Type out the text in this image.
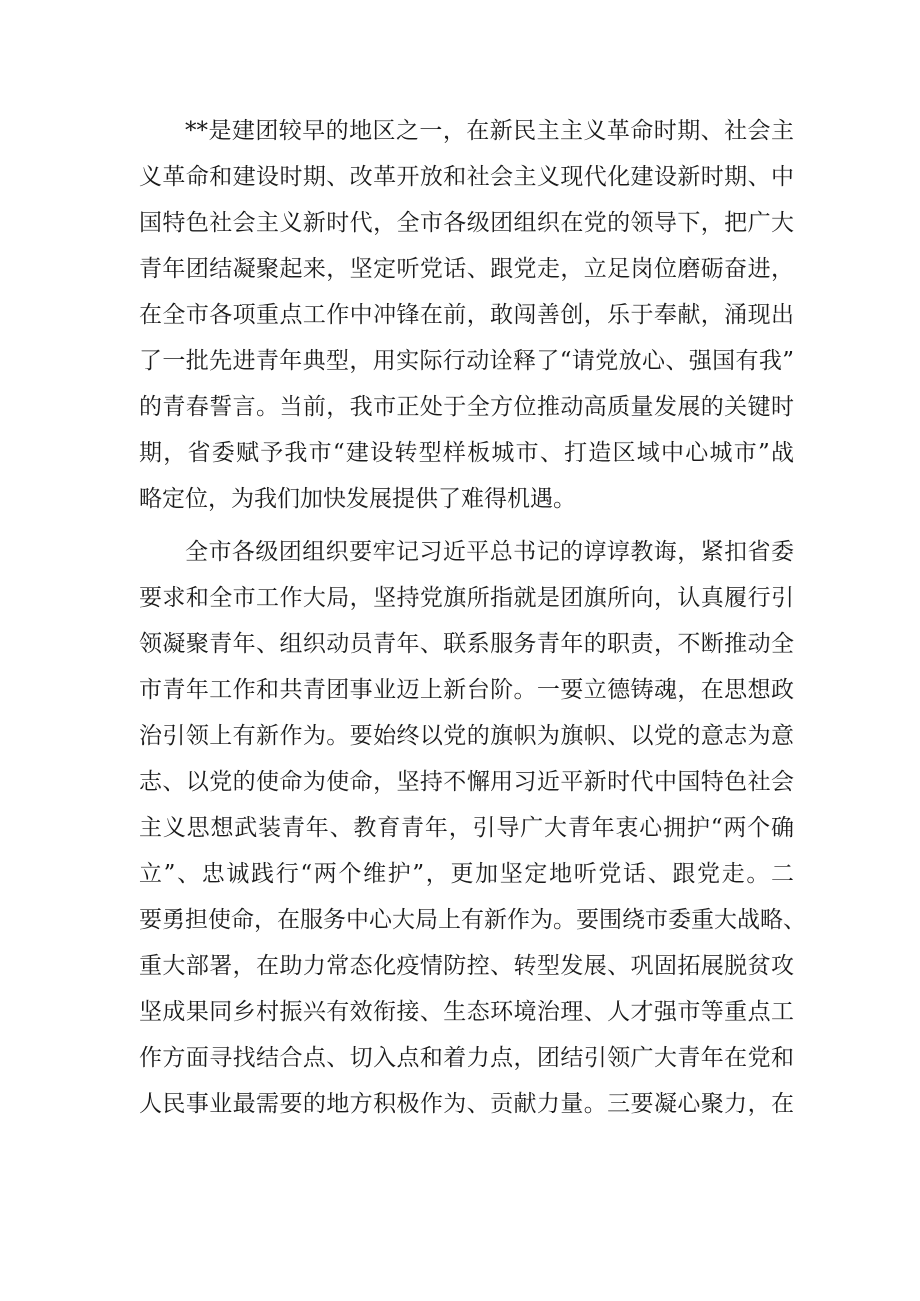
**是建团较早的地区之一，在新民主主义革命时期、社会主
义革命和建设时期、改革开放和社会主义现代化建设新时期、中
国特色社会主义新时代，全市各级团组织在党的领导下，把广大
青年团结凝聚起来，坚定听党话、跟党走，立足岗位磨砺奋进，
在全市各项重点工作中冲锋在前，敢闯善创，乐于奉献，涌现出
了一批先进青年典型，用实际行动诠释了“请党放心、强国有我”
的青春誓言。当前，我市正处于全方位推动高质量发展的关键时
期，省委赋予我市“建设转型样板城市、打造区域中心城市”战
略定位，为我们加快发展提供了难得机遇。
全市各级团组织要牢记习近平总书记的谆谆教诲，紧扣省委
要求和全市工作大局，坚持党旗所指就是团旗所向，认真履行引
领凝聚青年、组织动员青年、联系服务青年的职责，不断推动全
市青年工作和共青团事业迈上新台阶。一要立德铸魂，在思想政
治引领上有新作为。要始终以党的旗帜为旗帜、以党的意志为意
志、以党的使命为使命，坚持不懈用习近平新时代中国特色社会
主义思想武装青年、教育青年，引导广大青年衷心拥护“两个确
立”、忠诚践行“两个维护”，更加坚定地听党话、跟党走。二
要勇担使命，在服务中心大局上有新作为。要围绕市委重大战略、
重大部署，在助力常态化疫情防控、转型发展、巩固拓展脱贫攻
坚成果同乡村振兴有效衔接、生态环境治理、人才强市等重点工
作方面寻找结合点、切入点和着力点，团结引领广大青年在党和
人民事业最需要的地方积极作为、贡献力量。三要凝心聚力，在
